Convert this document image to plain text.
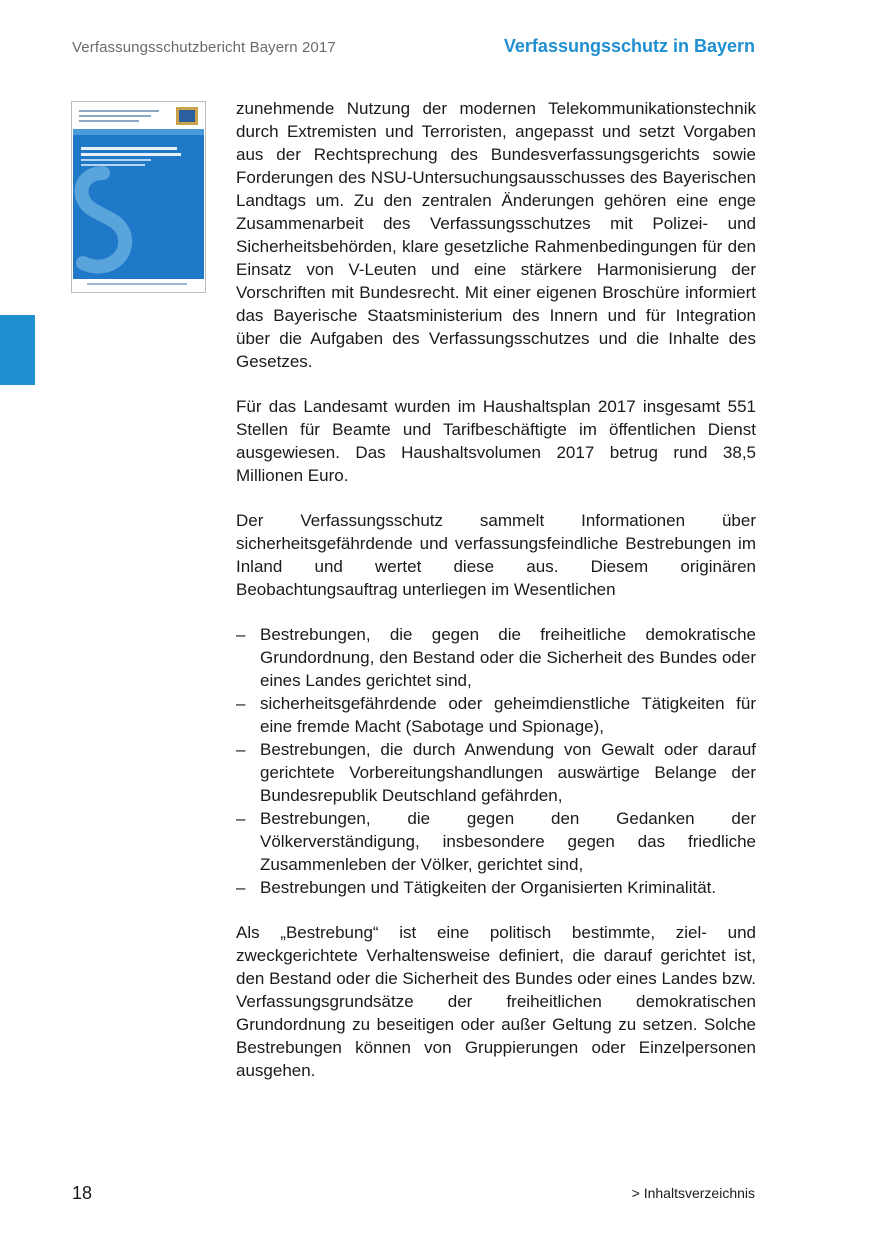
Verfassungsschutzbericht Bayern 2017	Verfassungsschutz in Bayern

zunehmende Nutzung der modernen Telekommunikationstechnik durch Extremisten und Terroristen, angepasst und setzt Vorgaben aus der Rechtsprechung des Bundesverfassungsgerichts sowie Forderungen des NSU-Untersuchungsausschusses des Bayerischen Landtags um. Zu den zentralen Änderungen gehören eine enge Zusammenarbeit des Verfassungsschutzes mit Polizei- und Sicherheitsbehörden, klare gesetzliche Rahmenbedingungen für den Einsatz von V-Leuten und eine stärkere Harmonisierung der Vorschriften mit Bundesrecht. Mit einer eigenen Broschüre informiert das Bayerische Staatsministerium des Innern und für Integration über die Aufgaben des Verfassungsschutzes und die Inhalte des Gesetzes.

Für das Landesamt wurden im Haushaltsplan 2017 insgesamt 551 Stellen für Beamte und Tarifbeschäftigte im öffentlichen Dienst ausgewiesen. Das Haushaltsvolumen 2017 betrug rund 38,5 Millionen Euro.

Der Verfassungsschutz sammelt Informationen über sicherheitsgefährdende und verfassungsfeindliche Bestrebungen im Inland und wertet diese aus. Diesem originären Beobachtungsauftrag unterliegen im Wesentlichen

– Bestrebungen, die gegen die freiheitliche demokratische Grundordnung, den Bestand oder die Sicherheit des Bundes oder eines Landes gerichtet sind,
– sicherheitsgefährdende oder geheimdienstliche Tätigkeiten für eine fremde Macht (Sabotage und Spionage),
– Bestrebungen, die durch Anwendung von Gewalt oder darauf gerichtete Vorbereitungshandlungen auswärtige Belange der Bundesrepublik Deutschland gefährden,
– Bestrebungen, die gegen den Gedanken der Völkerverständigung, insbesondere gegen das friedliche Zusammenleben der Völker, gerichtet sind,
– Bestrebungen und Tätigkeiten der Organisierten Kriminalität.

Als „Bestrebung“ ist eine politisch bestimmte, ziel- und zweckgerichtete Verhaltensweise definiert, die darauf gerichtet ist, den Bestand oder die Sicherheit des Bundes oder eines Landes bzw. Verfassungsgrundsätze der freiheitlichen demokratischen Grundordnung zu beseitigen oder außer Geltung zu setzen. Solche Bestrebungen können von Gruppierungen oder Einzelpersonen ausgehen.

18	> Inhaltsverzeichnis
